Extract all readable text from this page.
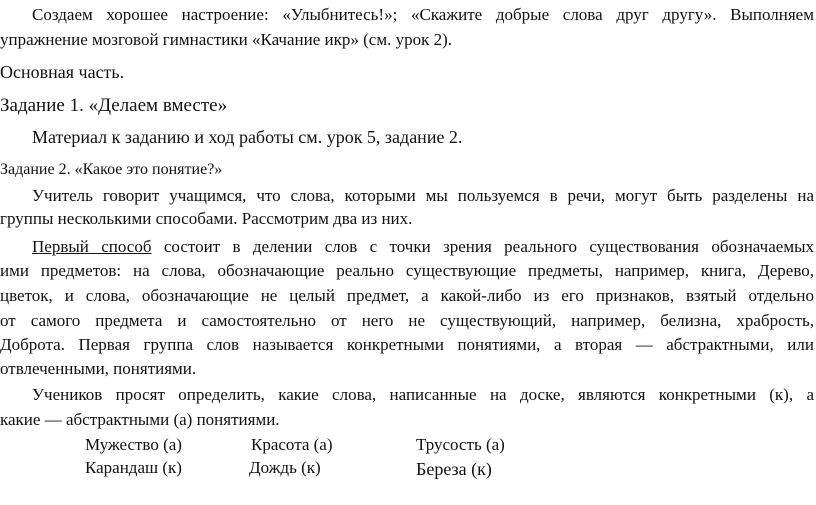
Создаем хорошее настроение: «Улыбнитесь!»; «Скажите добрые слова друг другу». Выполняем
упражнение мозговой гимнастики «Качание икр» (см. урок 2).
Основная часть.
Задание 1. «Делаем вместе»
Материал к заданию и ход работы см. урок 5, задание 2.
Задание 2. «Какое это понятие?»
Учитель говорит учащимся, что слова, которыми мы пользуемся в речи, могут быть разделены на
группы несколькими способами. Рассмотрим два из них.
Первый способ состоит в делении слов с точки зрения реального существования обозначаемых
ими предметов: на слова, обозначающие реально существующие предметы, например, книга, Дерево,
цветок, и слова, обозначающие не целый предмет, а какой-либо из его признаков, взятый отдельно
от самого предмета и самостоятельно от него не существующий, например, белизна, храбрость,
Доброта. Первая группа слов называется конкретными понятиями, а вторая — абстрактными, или
отвлеченными, понятиями.
Учеников просят определить, какие слова, написанные на доске, являются конкретными (к), а
какие — абстрактными (а) понятиями.
Мужество (а)	Красота (а)	Трусость (а)
Карандаш (к)	Дождь (к)	Береза (к)
